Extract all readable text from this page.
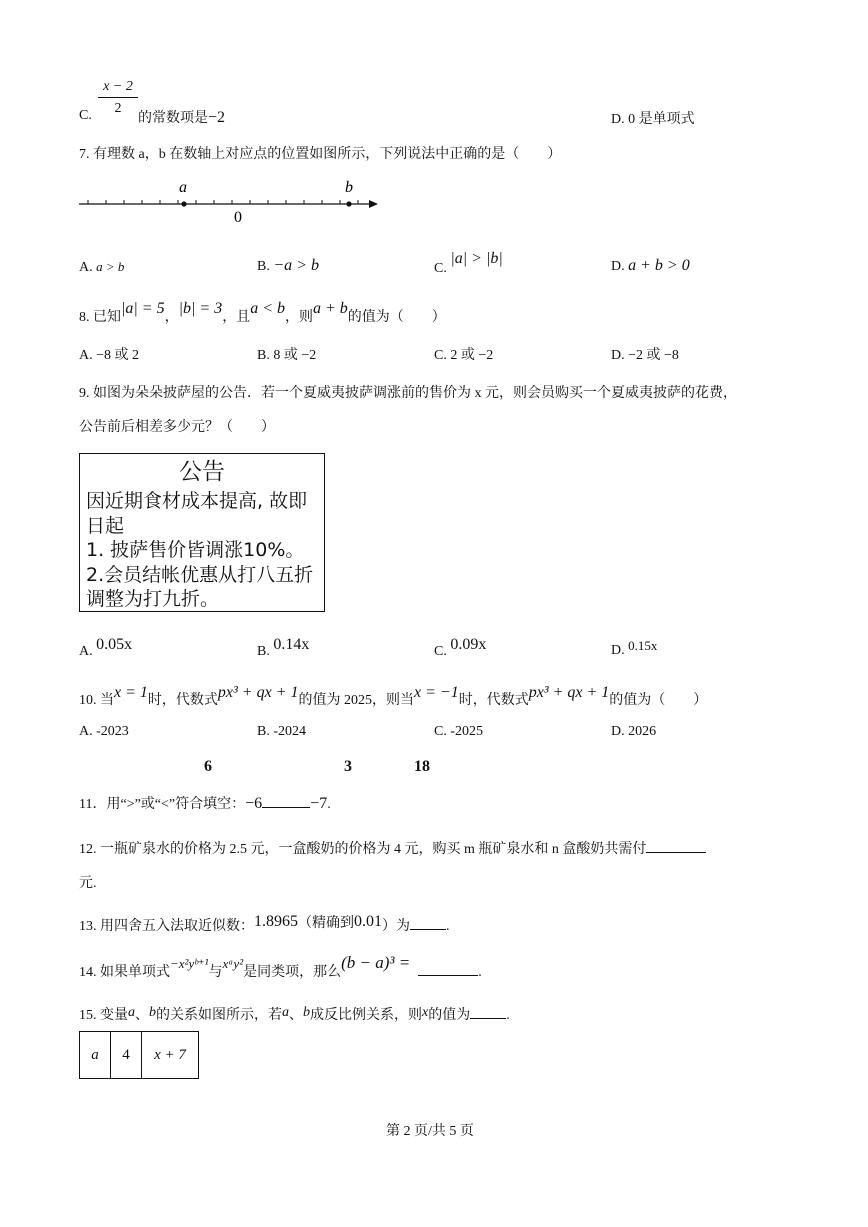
C. $\frac{x - 2}{2}$
的常数项是−2	D. 0 是单项式
7. 有理数 a，b 在数轴上对应点的位置如图所示，下列说法中正确的是（　　）
a	b
0
A. a > b	B. −a > b	C. |a| > |b|	D. a + b > 0
8. 已知|a| = 5，|b| = 3，且a < b，则a + b的值为（　　）
A. −8 或 2	B. 8 或 −2	C. 2 或 −2	D. −2 或 −8
9. 如图为朵朵披萨屋的公告．若一个夏威夷披萨调涨前的售价为 x 元，则会员购买一个夏威夷披萨的花费，
公告前后相差多少元？（　　）
公告
因近期食材成本提高, 故即
日起
1. 披萨售价皆调涨10%。
2.会员结帐优惠从打八五折
调整为打九折。
A. 0.05x	B. 0.14x	C. 0.09x	D. 0.15x
10. 当x = 1时，代数式px³ + qx + 1的值为 2025，则当x = −1时，代数式px³ + qx + 1的值为（　　）
A. -2023	B. -2024	C. -2025	D. 2026
6	3	18
11．用“>”或“<”符合填空：−6	−7.
12. 一瓶矿泉水的价格为 2.5 元，一盒酸奶的价格为 4 元，购买 m 瓶矿泉水和 n 盒酸奶共需付
元.
13. 用四舍五入法取近似数：1.8965（精确到0.01）为	.
14. 如果单项式−x²yᵇ⁺¹与xᵃy²是同类项，那么(b − a)³ =.
15. 变量a、b的关系如图所示，若a、b成反比例关系，则x的值为	.
a	4	x + 7
第 2 页/共 5 页
